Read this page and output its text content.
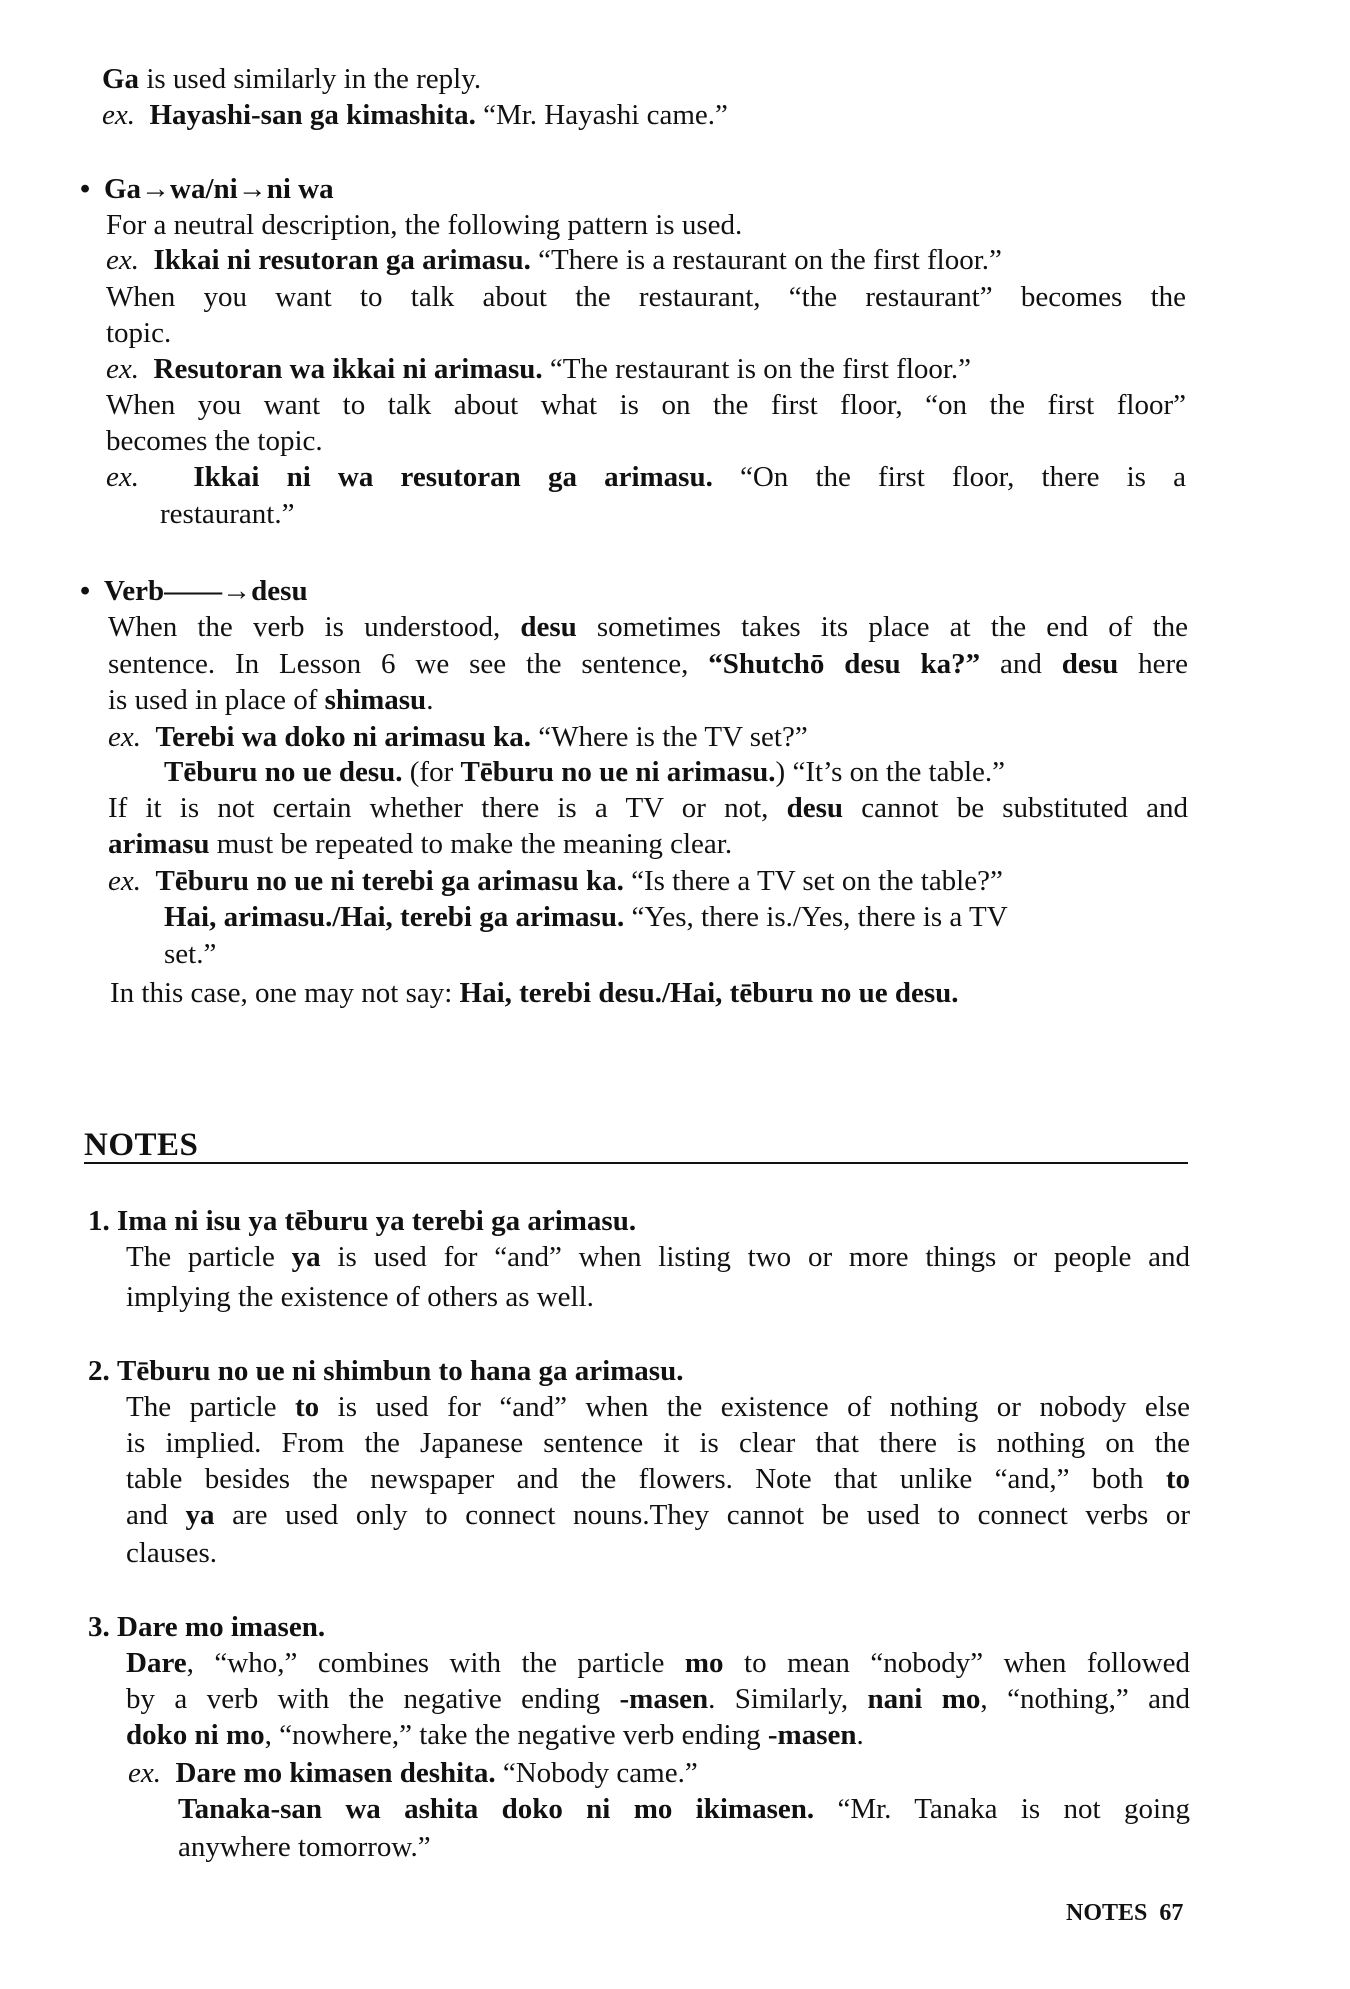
Ga is used similarly in the reply.
ex. Hayashi-san ga kimashita. “Mr. Hayashi came.”
• Ga→wa/ni→ni wa
For a neutral description, the following pattern is used.
ex. Ikkai ni resutoran ga arimasu. “There is a restaurant on the first floor.”
When you want to talk about the restaurant, “the restaurant” becomes the
topic.
ex. Resutoran wa ikkai ni arimasu. “The restaurant is on the first floor.”
When you want to talk about what is on the first floor, “on the first floor”
becomes the topic.
ex. Ikkai ni wa resutoran ga arimasu. “On the first floor, there is a
restaurant.”
• Verb——→desu
When the verb is understood, desu sometimes takes its place at the end of the
sentence. In Lesson 6 we see the sentence, “Shutchō desu ka?” and desu here
is used in place of shimasu.
ex. Terebi wa doko ni arimasu ka. “Where is the TV set?”
Tēburu no ue desu. (for Tēburu no ue ni arimasu.) “It’s on the table.”
If it is not certain whether there is a TV or not, desu cannot be substituted and
arimasu must be repeated to make the meaning clear.
ex. Tēburu no ue ni terebi ga arimasu ka. “Is there a TV set on the table?”
Hai, arimasu./Hai, terebi ga arimasu. “Yes, there is./Yes, there is a TV
set.”
In this case, one may not say: Hai, terebi desu./Hai, tēburu no ue desu.
NOTES
1. Ima ni isu ya tēburu ya terebi ga arimasu.
The particle ya is used for “and” when listing two or more things or people and
implying the existence of others as well.
2. Tēburu no ue ni shimbun to hana ga arimasu.
The particle to is used for “and” when the existence of nothing or nobody else
is implied. From the Japanese sentence it is clear that there is nothing on the
table besides the newspaper and the flowers. Note that unlike “and,” both to
and ya are used only to connect nouns.They cannot be used to connect verbs or
clauses.
3. Dare mo imasen.
Dare, “who,” combines with the particle mo to mean “nobody” when followed
by a verb with the negative ending -masen. Similarly, nani mo, “nothing,” and
doko ni mo, “nowhere,” take the negative verb ending -masen.
ex. Dare mo kimasen deshita. “Nobody came.”
Tanaka-san wa ashita doko ni mo ikimasen. “Mr. Tanaka is not going
anywhere tomorrow.”
NOTES 67
